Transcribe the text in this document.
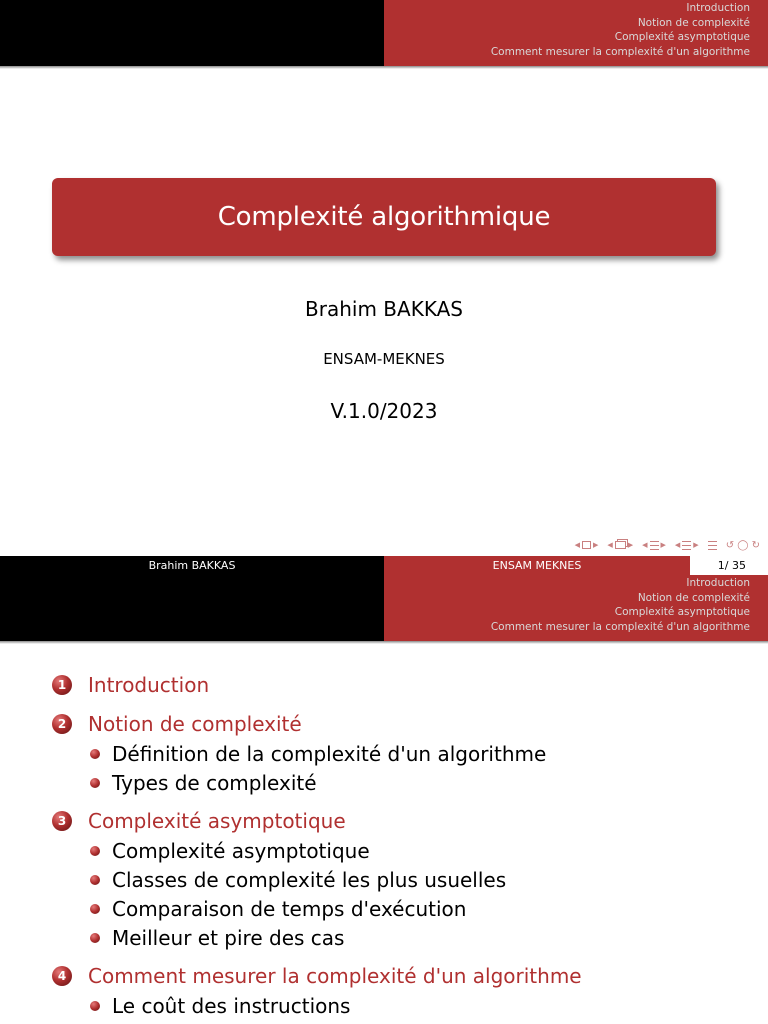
Introduction
Notion de complexité
Complexité asymptotique
Comment mesurer la complexité d'un algorithme
Complexité algorithmique
Brahim BAKKAS
ENSAM-MEKNES
V.1.0/2023
◀ ▶ ◀ ▶ ◀ ▶ ◀ ▶	↺ ◯ ↻
Brahim BAKKAS	ENSAM MEKNES	1/ 35
Introduction
Notion de complexité
Complexité asymptotique
Comment mesurer la complexité d'un algorithme
1 Introduction
2 Notion de complexité
Définition de la complexité d'un algorithme
Types de complexité
3 Complexité asymptotique
Complexité asymptotique
Classes de complexité les plus usuelles
Comparaison de temps d'exécution
Meilleur et pire des cas
4 Comment mesurer la complexité d'un algorithme
Le coût des instructions
